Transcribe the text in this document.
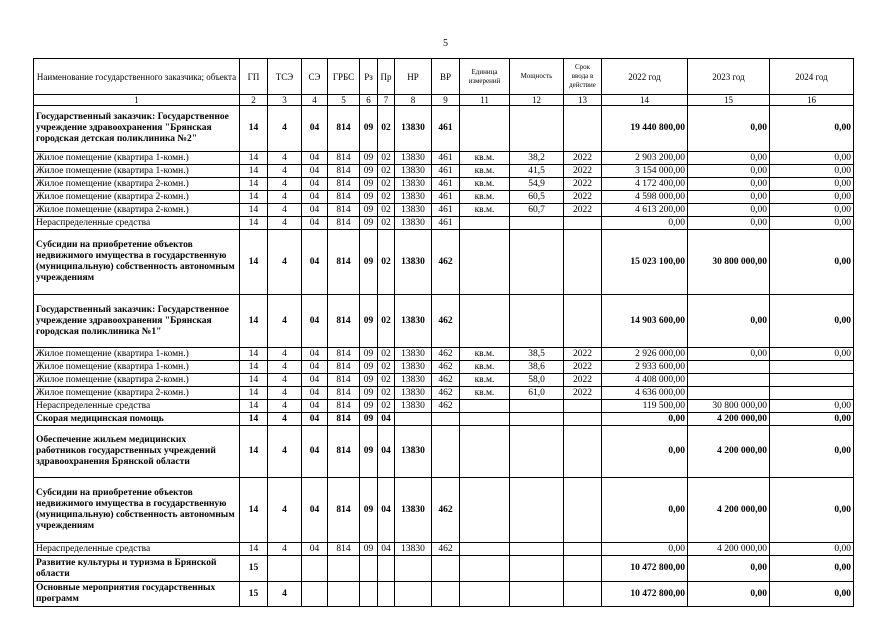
5
Наименование государственного заказчика; объекта	ГП	ТСЭ	СЭ	ГРБС	Рз	Пр	НР	ВР	Единица измерений	Мощность	Срок ввода в действие	2022 год	2023 год	2024 год
1	2	3	4	5	6	7	8	9	11	12	13	14	15	16
Государственный заказчик: Государственное учреждение здравоохранения "Брянская городская детская поликлиника №2"	14	4	04	814	09	02	13830	461				19 440 800,00	0,00	0,00
Жилое помещение (квартира 1-комн.)	14	4	04	814	09	02	13830	461	кв.м.	38,2	2022	2 903 200,00	0,00	0,00
Жилое помещение (квартира 1-комн.)	14	4	04	814	09	02	13830	461	кв.м.	41,5	2022	3 154 000,00	0,00	0,00
Жилое помещение (квартира 2-комн.)	14	4	04	814	09	02	13830	461	кв.м.	54,9	2022	4 172 400,00	0,00	0,00
Жилое помещение (квартира 2-комн.)	14	4	04	814	09	02	13830	461	кв.м.	60,5	2022	4 598 000,00	0,00	0,00
Жилое помещение (квартира 2-комн.)	14	4	04	814	09	02	13830	461	кв.м.	60,7	2022	4 613 200,00	0,00	0,00
Нераспределенные средства	14	4	04	814	09	02	13830	461				0,00	0,00	0,00
Субсидии на приобретение объектов недвижимого имущества в государственную (муниципальную) собственность автономным учреждениям	14	4	04	814	09	02	13830	462				15 023 100,00	30 800 000,00	0,00
Государственный заказчик: Государственное учреждение здравоохранения "Брянская городская поликлиника №1"	14	4	04	814	09	02	13830	462				14 903 600,00	0,00	0,00
Жилое помещение (квартира 1-комн.)	14	4	04	814	09	02	13830	462	кв.м.	38,5	2022	2 926 000,00	0,00	0,00
Жилое помещение (квартира 1-комн.)	14	4	04	814	09	02	13830	462	кв.м.	38,6	2022	2 933 600,00		
Жилое помещение (квартира 2-комн.)	14	4	04	814	09	02	13830	462	кв.м.	58,0	2022	4 408 000,00		
Жилое помещение (квартира 2-комн.)	14	4	04	814	09	02	13830	462	кв.м.	61,0	2022	4 636 000,00		
Нераспределенные средства	14	4	04	814	09	02	13830	462				119 500,00	30 800 000,00	0,00
Скорая медицинская помощь	14	4	04	814	09	04						0,00	4 200 000,00	0,00
Обеспечение жильем медицинских работников государственных учреждений здравоохранения Брянской области	14	4	04	814	09	04	13830					0,00	4 200 000,00	0,00
Субсидии на приобретение объектов недвижимого имущества в государственную (муниципальную) собственность автономным учреждениям	14	4	04	814	09	04	13830	462				0,00	4 200 000,00	0,00
Нераспределенные средства	14	4	04	814	09	04	13830	462				0,00	4 200 000,00	0,00
Развитие культуры и туризма в Брянской области	15											10 472 800,00	0,00	0,00
Основные мероприятия государственных программ	15	4										10 472 800,00	0,00	0,00
